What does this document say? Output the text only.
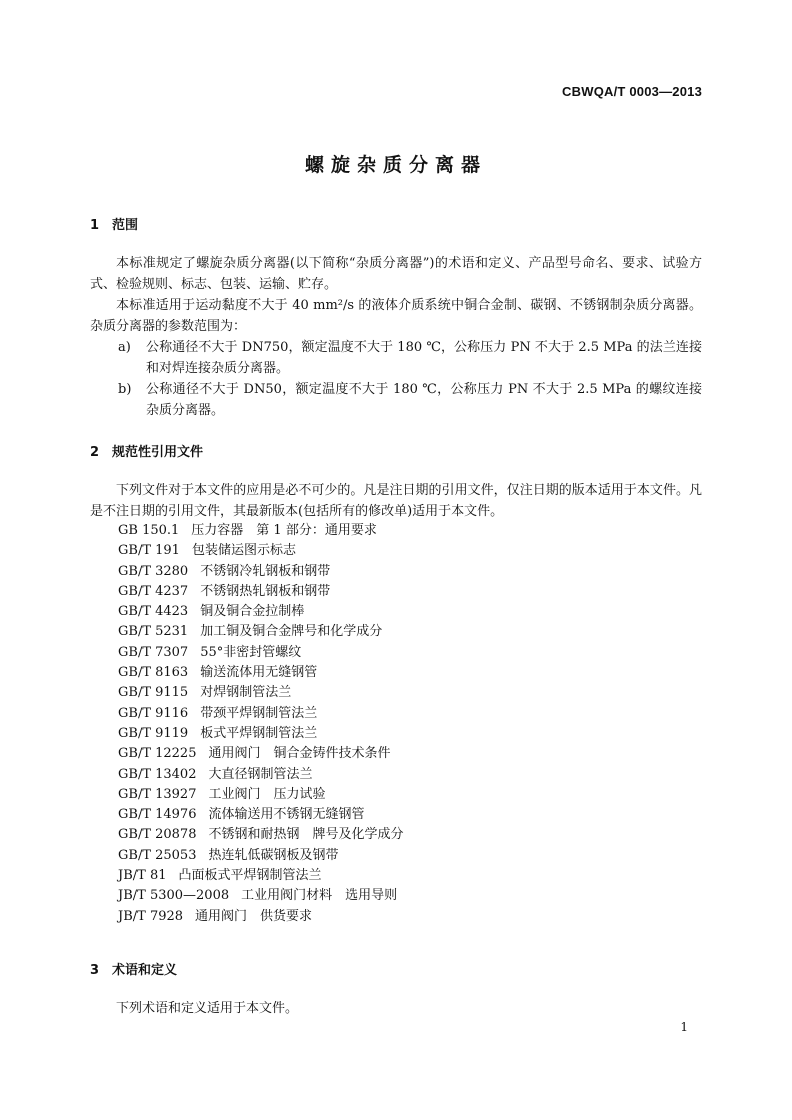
CBWQA/T 0003—2013
螺旋杂质分离器
1 范围
本标准规定了螺旋杂质分离器(以下简称“杂质分离器”)的术语和定义、产品型号命名、要求、试验方式、检验规则、标志、包装、运输、贮存。
本标准适用于运动黏度不大于 40 mm²/s 的液体介质系统中铜合金制、碳钢、不锈钢制杂质分离器。杂质分离器的参数范围为：
a) 公称通径不大于 DN750，额定温度不大于 180 ℃，公称压力 PN 不大于 2.5 MPa 的法兰连接和对焊连接杂质分离器。
b) 公称通径不大于 DN50，额定温度不大于 180 ℃，公称压力 PN 不大于 2.5 MPa 的螺纹连接杂质分离器。
2 规范性引用文件
下列文件对于本文件的应用是必不可少的。凡是注日期的引用文件，仅注日期的版本适用于本文件。凡是不注日期的引用文件，其最新版本(包括所有的修改单)适用于本文件。
GB 150.1 压力容器　第 1 部分：通用要求
GB/T 191 包装储运图示标志
GB/T 3280 不锈钢冷轧钢板和钢带
GB/T 4237 不锈钢热轧钢板和钢带
GB/T 4423 铜及铜合金拉制棒
GB/T 5231 加工铜及铜合金牌号和化学成分
GB/T 7307 55°非密封管螺纹
GB/T 8163 输送流体用无缝钢管
GB/T 9115 对焊钢制管法兰
GB/T 9116 带颈平焊钢制管法兰
GB/T 9119 板式平焊钢制管法兰
GB/T 12225 通用阀门　铜合金铸件技术条件
GB/T 13402 大直径钢制管法兰
GB/T 13927 工业阀门　压力试验
GB/T 14976 流体输送用不锈钢无缝钢管
GB/T 20878 不锈钢和耐热钢　牌号及化学成分
GB/T 25053 热连轧低碳钢板及钢带
JB/T 81 凸面板式平焊钢制管法兰
JB/T 5300—2008 工业用阀门材料　选用导则
JB/T 7928 通用阀门　供货要求
3 术语和定义
下列术语和定义适用于本文件。
1
